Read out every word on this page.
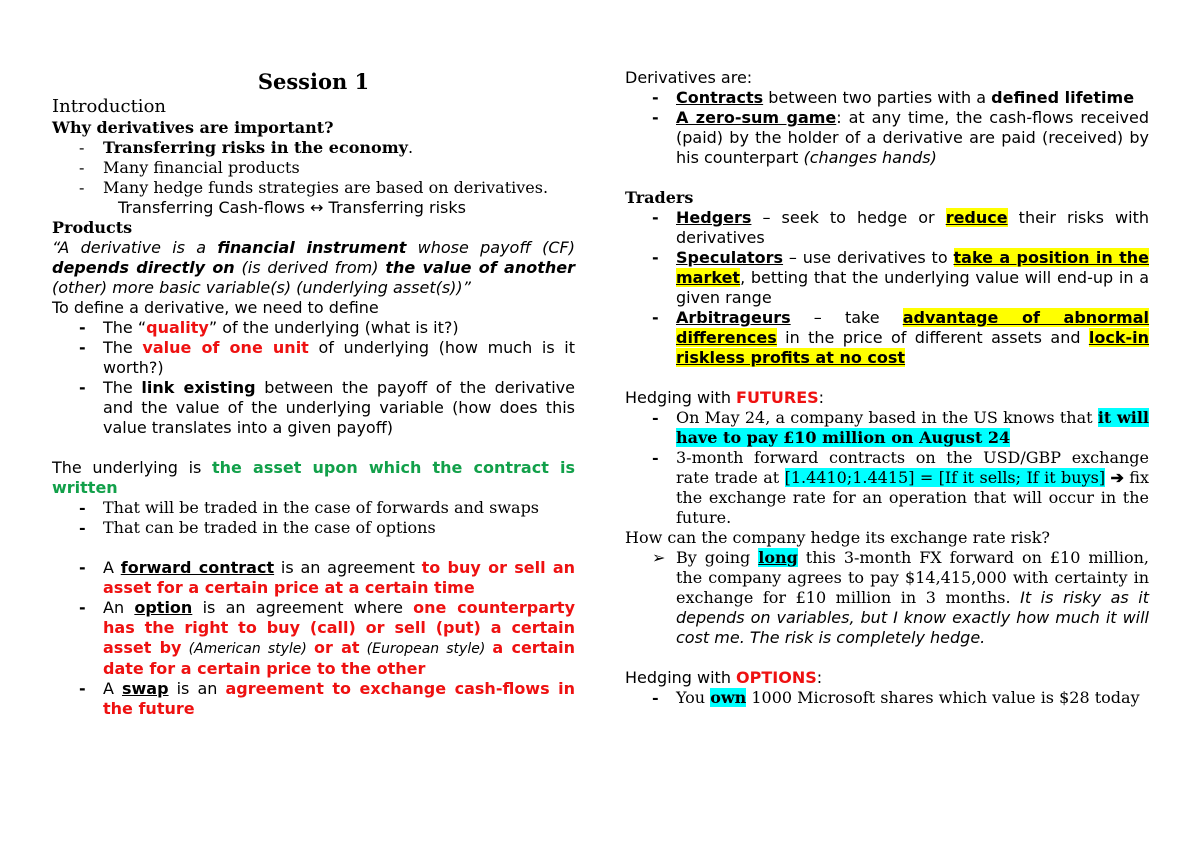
Session 1
Introduction
Why derivatives are important?
- Transferring risks in the economy.
- Many financial products
- Many hedge funds strategies are based on derivatives.
Transferring Cash-flows ↔ Transferring risks
Products
“A derivative is a financial instrument whose payoff (CF) depends directly on (is derived from) the value of another (other) more basic variable(s) (underlying asset(s))”
To define a derivative, we need to define
- The “quality” of the underlying (what is it?)
- The value of one unit of underlying (how much is it worth?)
- The link existing between the payoff of the derivative and the value of the underlying variable (how does this value translates into a given payoff)
The underlying is the asset upon which the contract is written
- That will be traded in the case of forwards and swaps
- That can be traded in the case of options
- A forward contract is an agreement to buy or sell an asset for a certain price at a certain time
- An option is an agreement where one counterparty has the right to buy (call) or sell (put) a certain asset by (American style) or at (European style) a certain date for a certain price to the other
- A swap is an agreement to exchange cash-flows in the future
Derivatives are:
- Contracts between two parties with a defined lifetime
- A zero-sum game: at any time, the cash-flows received (paid) by the holder of a derivative are paid (received) by his counterpart (changes hands)
Traders
- Hedgers – seek to hedge or reduce their risks with derivatives
- Speculators – use derivatives to take a position in the market, betting that the underlying value will end-up in a given range
- Arbitrageurs – take advantage of abnormal differences in the price of different assets and lock-in riskless profits at no cost
Hedging with FUTURES:
- On May 24, a company based in the US knows that it will have to pay £10 million on August 24
- 3-month forward contracts on the USD/GBP exchange rate trade at [1.4410;1.4415] = [If it sells; If it buys] ➔ fix the exchange rate for an operation that will occur in the future.
How can the company hedge its exchange rate risk?
➢ By going long this 3-month FX forward on £10 million, the company agrees to pay $14,415,000 with certainty in exchange for £10 million in 3 months. It is risky as it depends on variables, but I know exactly how much it will cost me. The risk is completely hedge.
Hedging with OPTIONS:
- You own 1000 Microsoft shares which value is $28 today
